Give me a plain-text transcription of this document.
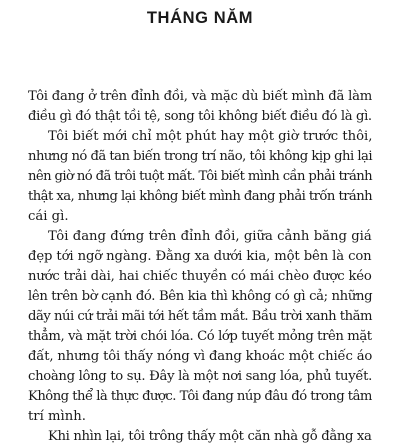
THÁNG NĂM
Tôi đang ở trên đỉnh đồi, và mặc dù biết mình đã làm
điều gì đó thật tồi tệ, song tôi không biết điều đó là gì.
Tôi biết mới chỉ một phút hay một giờ trước thôi,
nhưng nó đã tan biến trong trí não, tôi không kịp ghi lại
nên giờ nó đã trôi tuột mất. Tôi biết mình cần phải tránh
thật xa, nhưng lại không biết mình đang phải trốn tránh
cái gì.
Tôi đang đứng trên đỉnh đồi, giữa cảnh băng giá
đẹp tới ngỡ ngàng. Đằng xa dưới kia, một bên là con
nước trải dài, hai chiếc thuyền có mái chèo được kéo
lên trên bờ cạnh đó. Bên kia thì không có gì cả; những
dãy núi cứ trải mãi tới hết tầm mắt. Bầu trời xanh thăm
thẳm, và mặt trời chói lóa. Có lớp tuyết mỏng trên mặt
đất, nhưng tôi thấy nóng vì đang khoác một chiếc áo
choàng lông to sụ. Đây là một nơi sang lóa, phủ tuyết.
Không thể là thực được. Tôi đang núp đâu đó trong tâm
trí mình.
Khi nhìn lại, tôi trông thấy một căn nhà gỗ đằng xa
